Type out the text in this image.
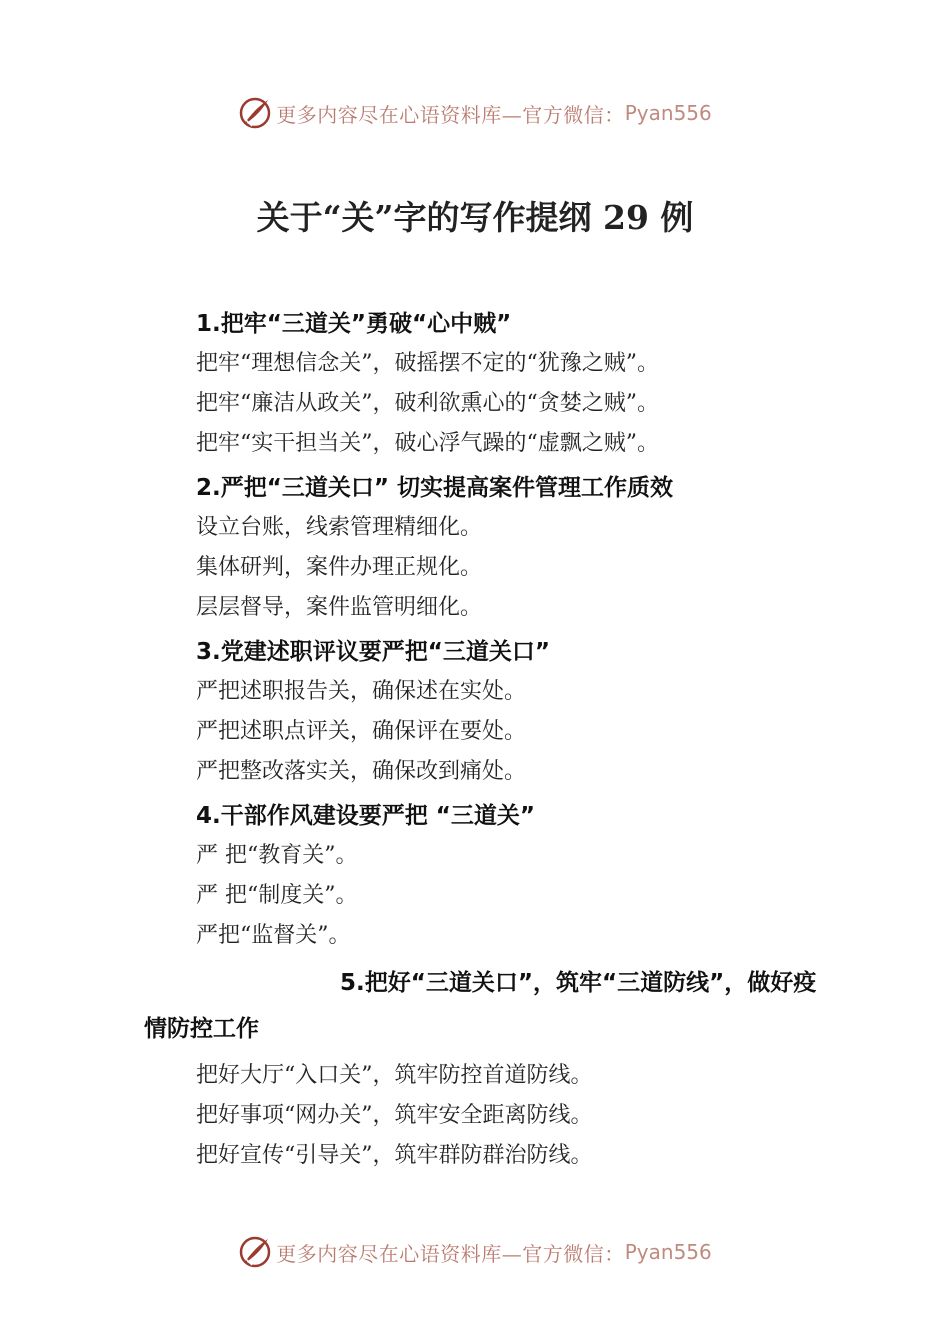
更多内容尽在心语资料库—官方微信： Pyan556
关于“关”字的写作提纲 29 例
1.把牢“三道关”勇破“心中贼”
把牢“理想信念关”，破摇摆不定的“犹豫之贼”。
把牢“廉洁从政关”，破利欲熏心的“贪婪之贼”。
把牢“实干担当关”，破心浮气躁的“虚飘之贼”。
2.严把“三道关口” 切实提高案件管理工作质效
设立台账，线索管理精细化。
集体研判，案件办理正规化。
层层督导，案件监管明细化。
3.党建述职评议要严把“三道关口”
严把述职报告关，确保述在实处。
严把述职点评关，确保评在要处。
严把整改落实关，确保改到痛处。
4.干部作风建设要严把 “三道关”
严 把“教育关”。
严 把“制度关”。
严把“监督关”。
5.把好“三道关口”，筑牢“三道防线”，做好疫情防控工作
把好大厅“入口关”，筑牢防控首道防线。
把好事项“网办关”，筑牢安全距离防线。
把好宣传“引导关”，筑牢群防群治防线。
更多内容尽在心语资料库—官方微信： Pyan556
